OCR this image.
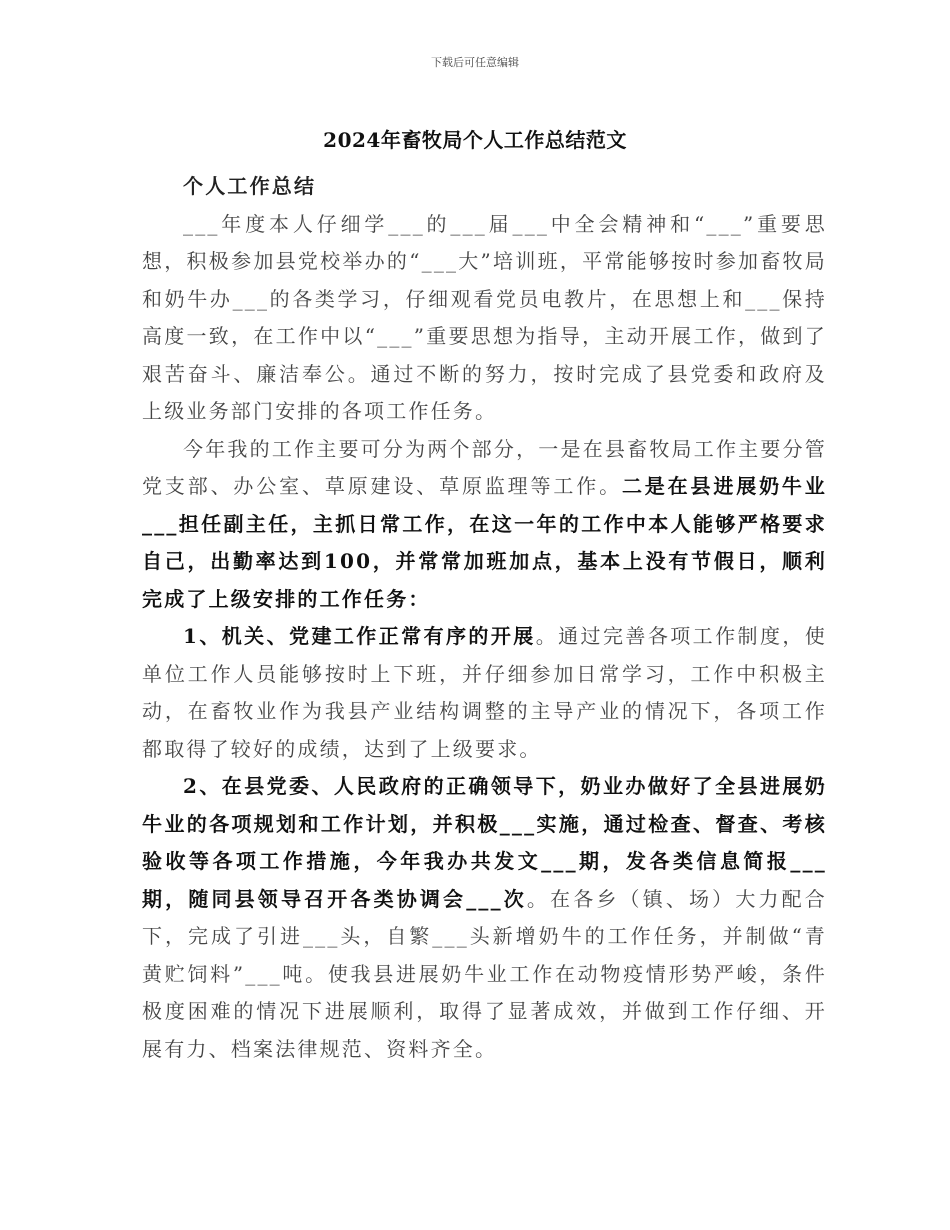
下载后可任意编辑
2024年畜牧局个人工作总结范文
个人工作总结

___年度本人仔细学___的___届___中全会精神和“___”重要思想，积极参加县党校举办的“___大”培训班，平常能够按时参加畜牧局和奶牛办___的各类学习，仔细观看党员电教片，在思想上和___保持高度一致，在工作中以“___”重要思想为指导，主动开展工作，做到了艰苦奋斗、廉洁奉公。通过不断的努力，按时完成了县党委和政府及上级业务部门安排的各项工作任务。

今年我的工作主要可分为两个部分，一是在县畜牧局工作主要分管党支部、办公室、草原建设、草原监理等工作。二是在县进展奶牛业___担任副主任，主抓日常工作，在这一年的工作中本人能够严格要求自己，出勤率达到100，并常常加班加点，基本上没有节假日，顺利完成了上级安排的工作任务：

1、机关、党建工作正常有序的开展。通过完善各项工作制度，使单位工作人员能够按时上下班，并仔细参加日常学习，工作中积极主动，在畜牧业作为我县产业结构调整的主导产业的情况下，各项工作都取得了较好的成绩，达到了上级要求。

2、在县党委、人民政府的正确领导下，奶业办做好了全县进展奶牛业的各项规划和工作计划，并积极___实施，通过检查、督查、考核验收等各项工作措施，今年我办共发文___期，发各类信息简报___期，随同县领导召开各类协调会___次。在各乡（镇、场）大力配合下，完成了引进___头，自繁___头新增奶牛的工作任务，并制做“青黄贮饲料”___吨。使我县进展奶牛业工作在动物疫情形势严峻，条件极度困难的情况下进展顺利，取得了显著成效，并做到工作仔细、开展有力、档案法律规范、资料齐全。
